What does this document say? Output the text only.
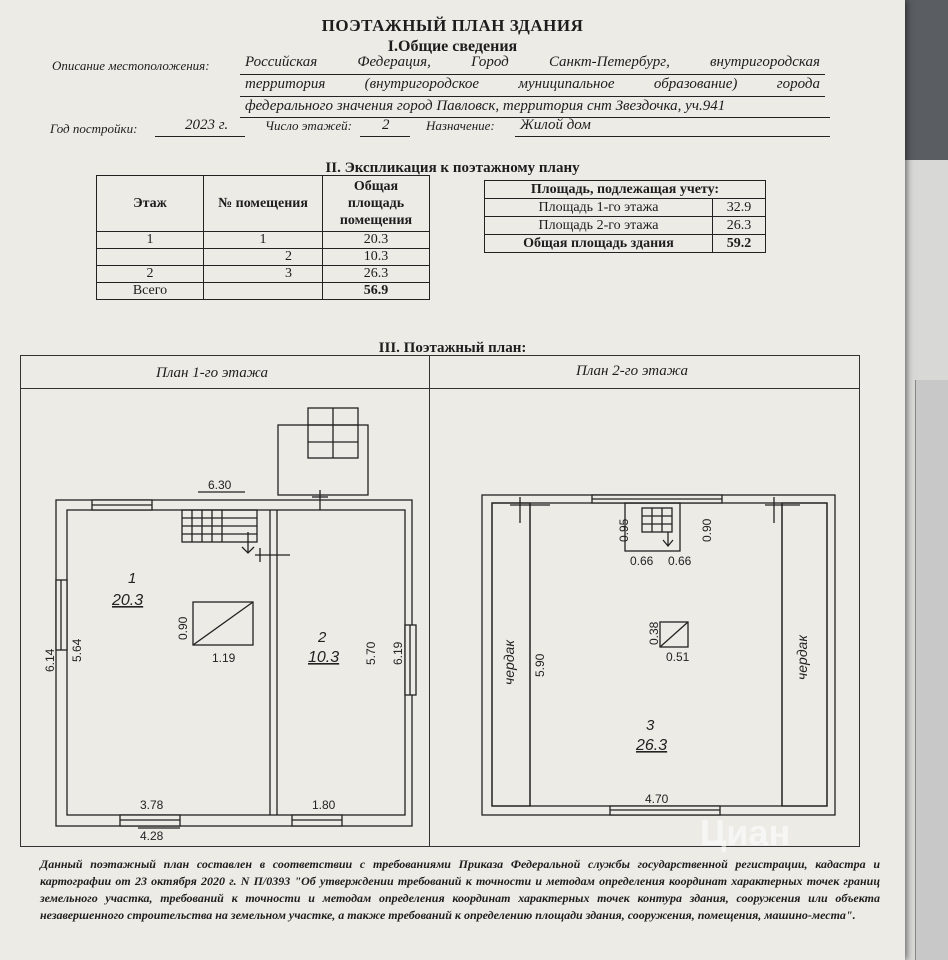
ПОЭТАЖНЫЙ ПЛАН ЗДАНИЯ
I.Общие сведения
Описание местоположения: Российская Федерация, Город Санкт-Петербург, внутригородская
территория (внутригородское муниципальное образование) города
федерального значения город Павловск, территория снт Звездочка, уч.941
Год постройки:	2023 г.	Число этажей: 2	Назначение: Жилой дом
II. Экспликация к поэтажному плану
Этаж	№ помещения	Общая площадь помещения
1	1	20.3
	2	10.3
2	3	26.3
Всего		56.9
Площадь, подлежащая учету:	
Площадь 1-го этажа	32.9
Площадь 2-го этажа	26.3
Общая площадь здания	59.2
III. Поэтажный план:
План 1-го этажа	План 2-го этажа
6.30
1
20.3
0.90
1.19
2
10.3 5.70 6.19
6.14 5.64
3.78	1.80
4.28
0.95	0.90
0.66 0.66
чердак	чердак
5.90
0.38
0.51
3
26.3
4.70
Данный поэтажный план составлен в соответствии с требованиями Приказа Федеральной службы государственной регистрации, кадастра и картографии от 23 октября 2020 г. N П/0393 "Об утверждении требований к точности и методам определения координат характерных точек границ земельного участка, требований к точности и методам определения координат характерных точек контура здания, сооружения или объекта незавершенного строительства на земельном участке, а также требований к определению площади здания, сооружения, помещения, машино-места".
Циан
